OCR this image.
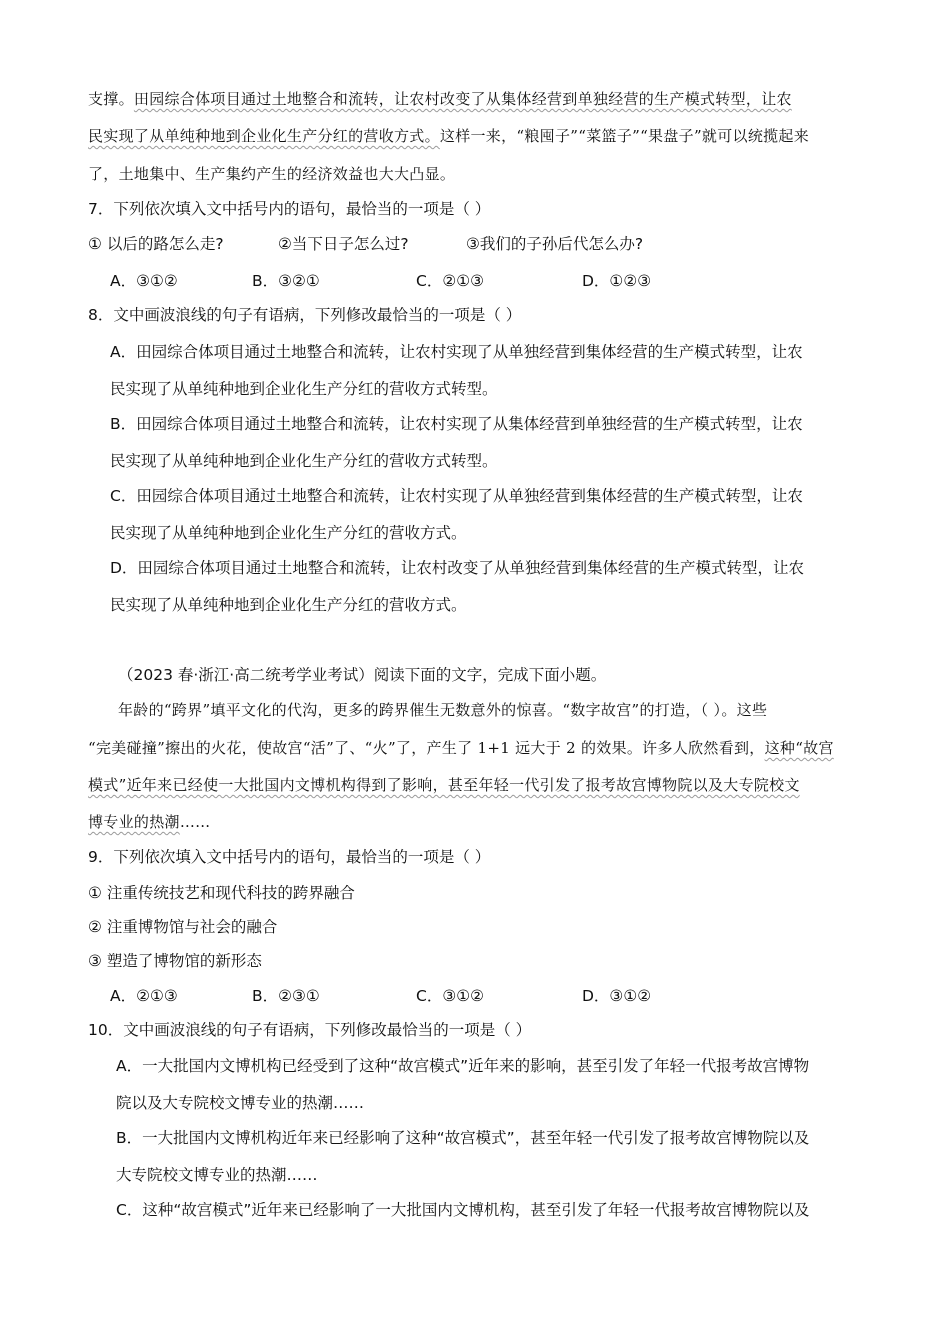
支撑。田园综合体项目通过土地整合和流转，让农村改变了从集体经营到单独经营的生产模式转型，让农
民实现了从单纯种地到企业化生产分红的营收方式。这样一来，“粮囤子”“菜篮子”“果盘子”就可以统揽起来
了，土地集中、生产集约产生的经济效益也大大凸显。
7．下列依次填入文中括号内的语句，最恰当的一项是（ ）
① 以后的路怎么走?	②当下日子怎么过?	③我们的子孙后代怎么办?
A．③①②	B．③②①	C．②①③	D．①②③
8．文中画波浪线的句子有语病，下列修改最恰当的一项是（ ）
A．田园综合体项目通过土地整合和流转，让农村实现了从单独经营到集体经营的生产模式转型，让农
民实现了从单纯种地到企业化生产分红的营收方式转型。
B．田园综合体项目通过土地整合和流转，让农村实现了从集体经营到单独经营的生产模式转型，让农
民实现了从单纯种地到企业化生产分红的营收方式转型。
C．田园综合体项目通过土地整合和流转，让农村实现了从单独经营到集体经营的生产模式转型，让农
民实现了从单纯种地到企业化生产分红的营收方式。
D．田园综合体项目通过土地整合和流转，让农村改变了从单独经营到集体经营的生产模式转型，让农
民实现了从单纯种地到企业化生产分红的营收方式。
（2023 春·浙江·高二统考学业考试）阅读下面的文字，完成下面小题。
年龄的“跨界”填平文化的代沟，更多的跨界催生无数意外的惊喜。“数字故宫”的打造，（ ）。这些
“完美碰撞”擦出的火花，使故宫“活”了、“火”了，产生了 1+1 远大于 2 的效果。许多人欣然看到，这种“故宫
模式”近年来已经使一大批国内文博机构得到了影响，甚至年轻一代引发了报考故宫博物院以及大专院校文
博专业的热潮……
9．下列依次填入文中括号内的语句，最恰当的一项是（ ）
① 注重传统技艺和现代科技的跨界融合
② 注重博物馆与社会的融合
③ 塑造了博物馆的新形态
A．②①③	B．②③①	C．③①②	D．③①②
10．文中画波浪线的句子有语病，下列修改最恰当的一项是（ ）
A．一大批国内文博机构已经受到了这种“故宫模式”近年来的影响，甚至引发了年轻一代报考故宫博物
院以及大专院校文博专业的热潮……
B．一大批国内文博机构近年来已经影响了这种“故宫模式”，甚至年轻一代引发了报考故宫博物院以及
大专院校文博专业的热潮……
C．这种“故宫模式”近年来已经影响了一大批国内文博机构，甚至引发了年轻一代报考故宫博物院以及
